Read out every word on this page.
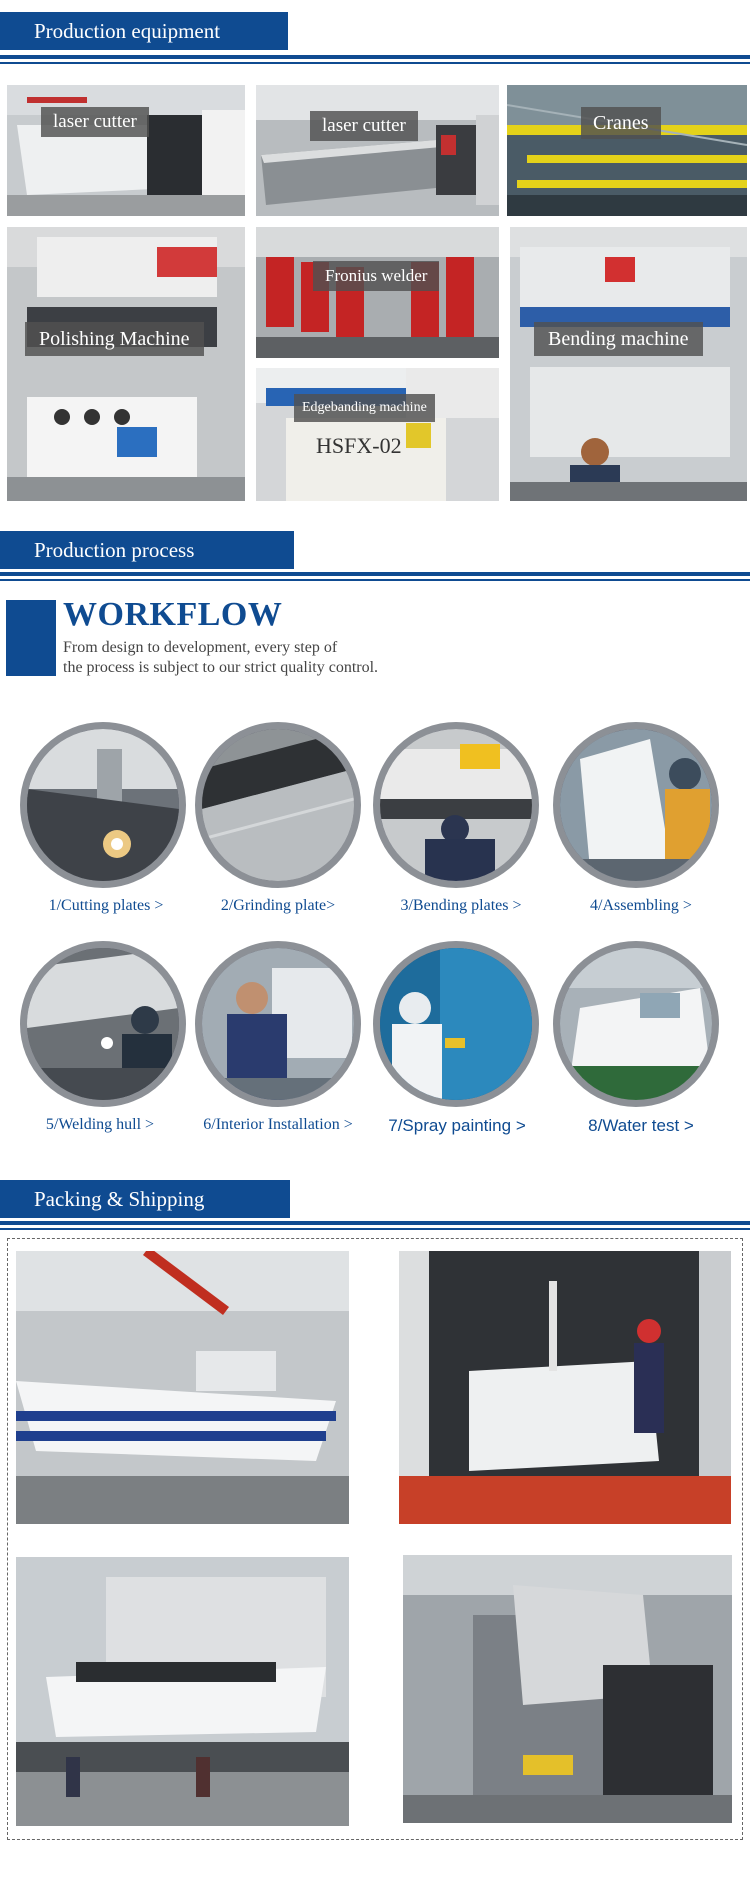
Production equipment
laser cutter	laser cutter	Cranes
Polishing Machine
Fronius welder
HSFX-02
Edgebanding machine
Bending machine
Production process
WORKFLOW
From design to development, every step of
the process is subject to our strict quality control.
1/Cutting plates >	2/Grinding plate>	3/Bending plates >	4/Assembling >
5/Welding hull >	6/Interior Installation >	7/Spray painting >	8/Water test >
Packing & Shipping
